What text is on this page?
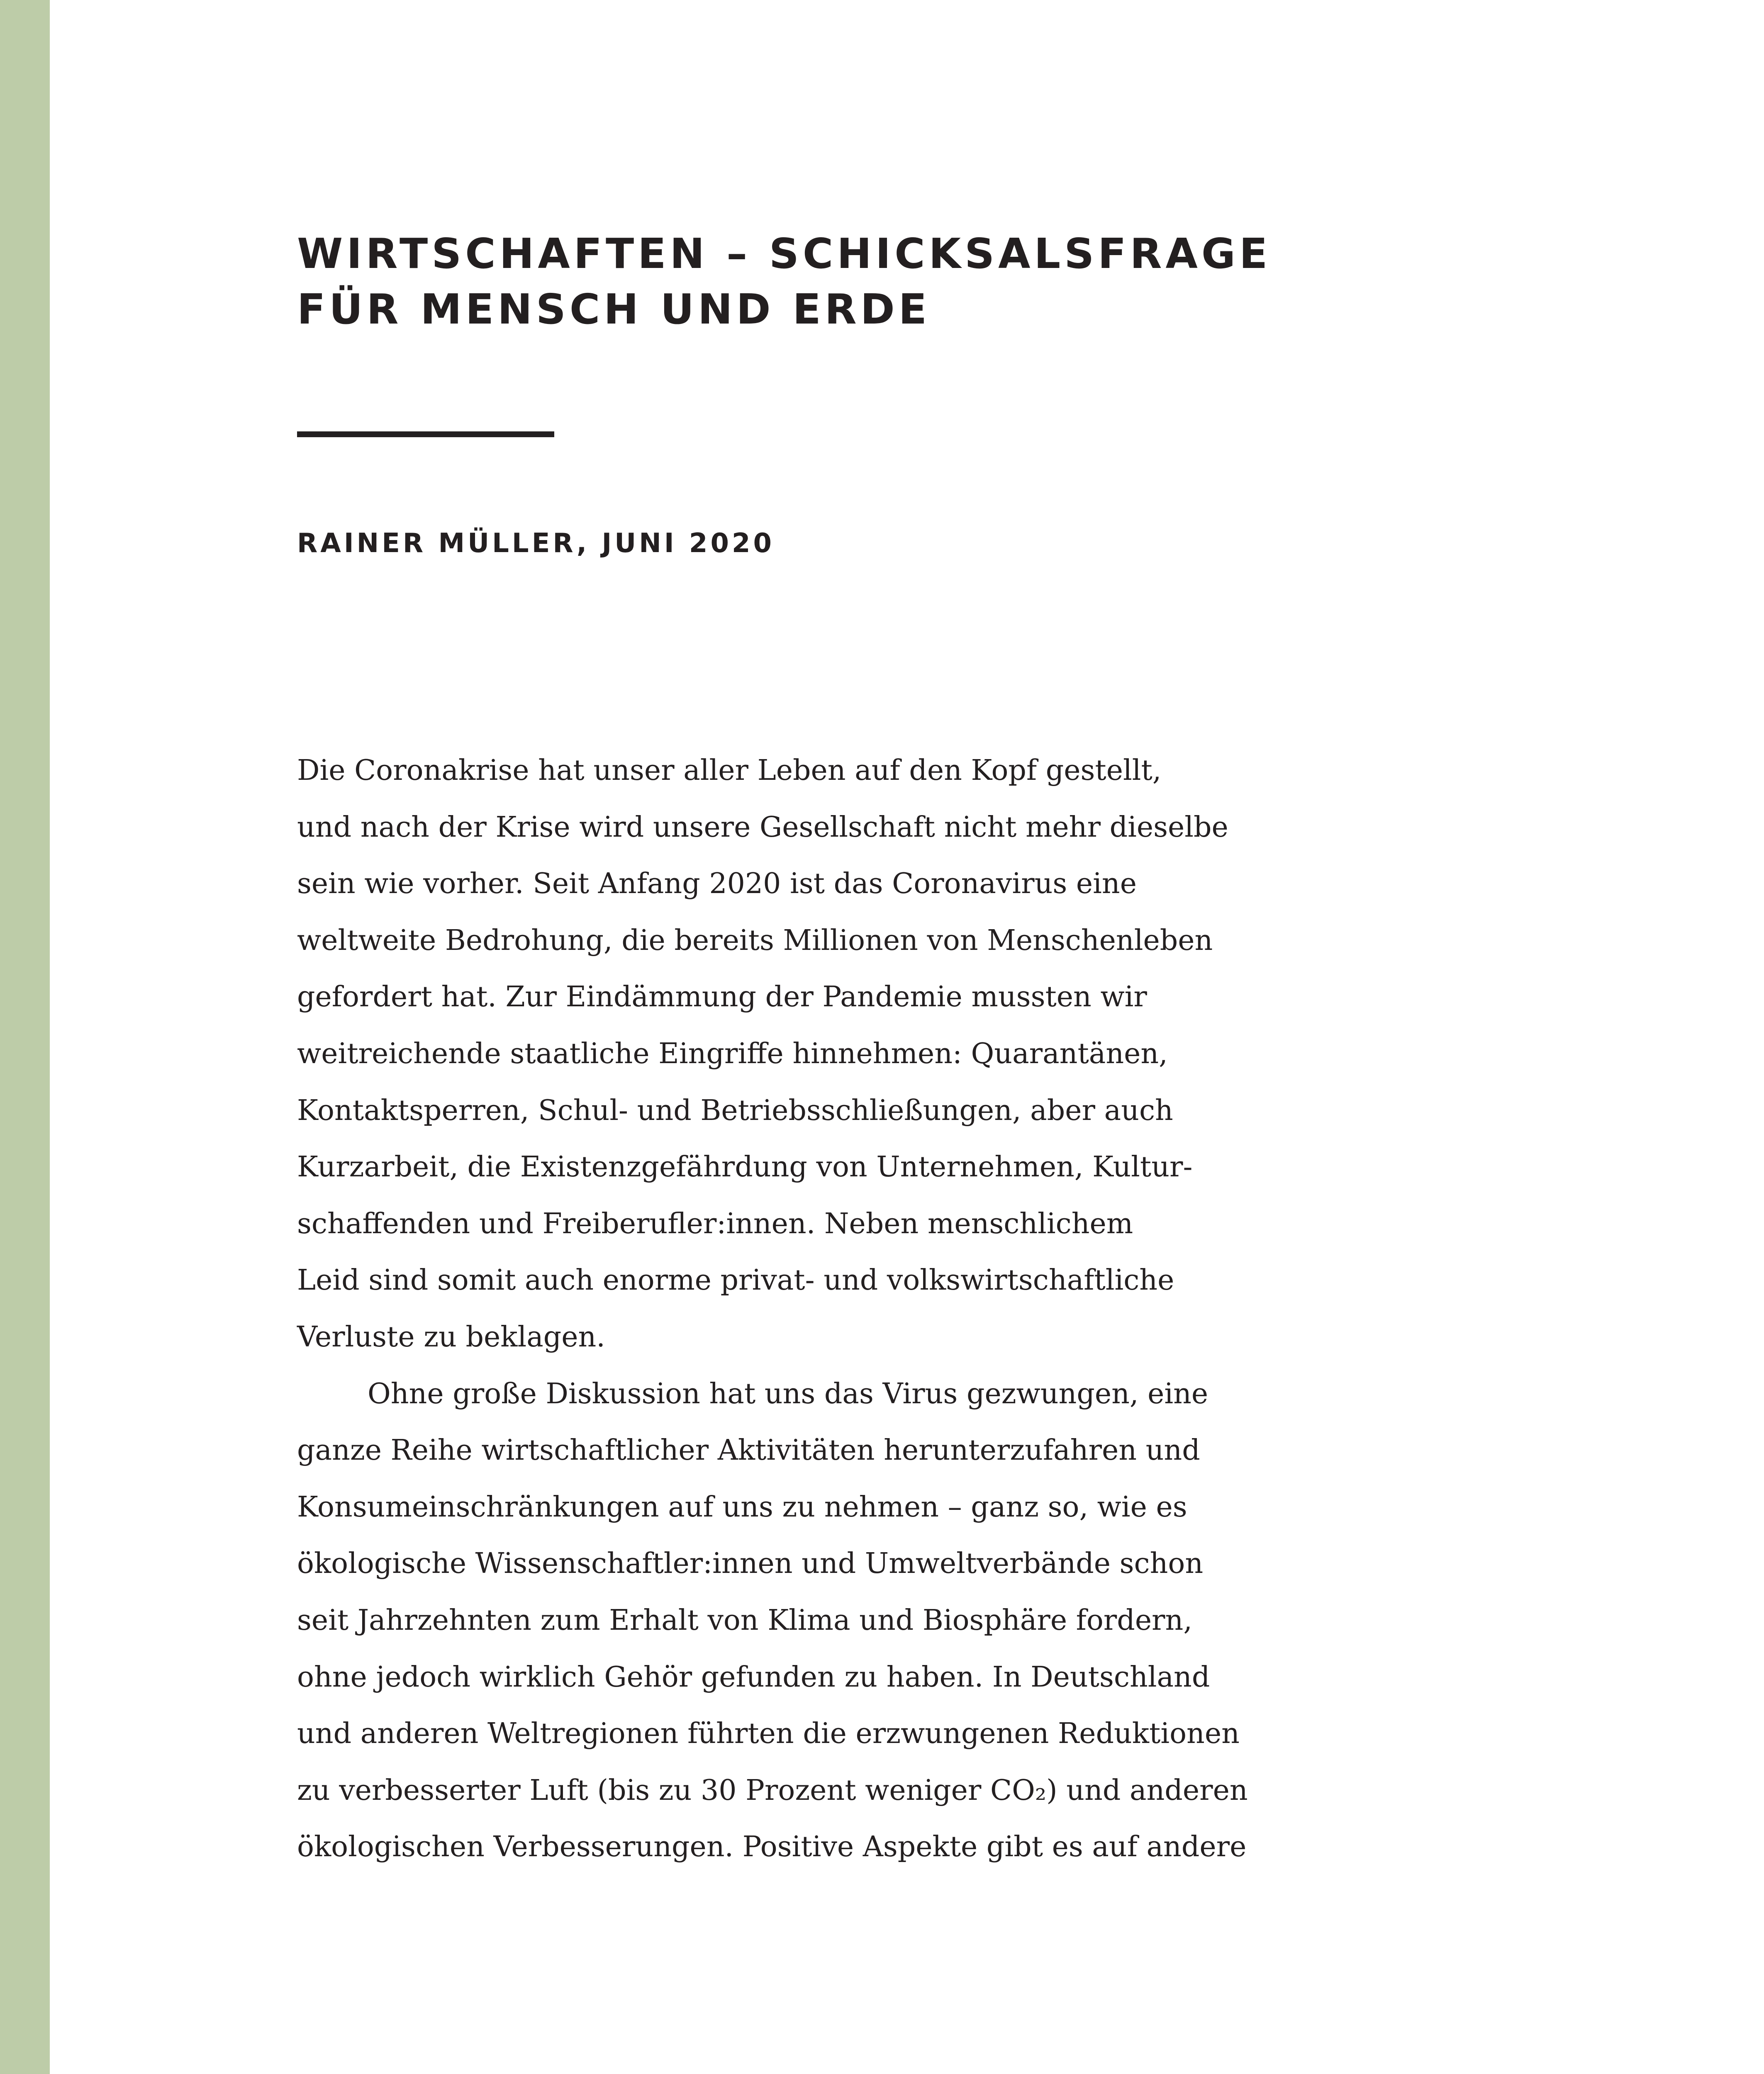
WIRTSCHAFTEN – SCHICKSALSFRAGE
FÜR MENSCH UND ERDE
RAINER MÜLLER, JUNI 2020

Die Coronakrise hat unser aller Leben auf den Kopf gestellt,
und nach der Krise wird unsere Gesellschaft nicht mehr dieselbe
sein wie vorher. Seit Anfang 2020 ist das Coronavirus eine
weltweite Bedrohung, die bereits Millionen von Menschenleben
gefordert hat. Zur Eindämmung der Pandemie mussten wir
weitreichende staatliche Eingriffe hinnehmen: Quarantänen,
Kontaktsperren, Schul- und Betriebsschließungen, aber auch
Kurzarbeit, die Existenzgefährdung von Unternehmen, Kultur-
schaffenden und Freiberufler:innen. Neben menschlichem
Leid sind somit auch enorme privat- und volkswirtschaftliche
Verluste zu beklagen.

Ohne große Diskussion hat uns das Virus gezwungen, eine
ganze Reihe wirtschaftlicher Aktivitäten herunterzufahren und
Konsumeinschränkungen auf uns zu nehmen – ganz so, wie es
ökologische Wissenschaftler:innen und Umweltverbände schon
seit Jahrzehnten zum Erhalt von Klima und Biosphäre fordern,
ohne jedoch wirklich Gehör gefunden zu haben. In Deutschland
und anderen Weltregionen führten die erzwungenen Reduktionen
zu verbesserter Luft (bis zu 30 Prozent weniger CO₂) und anderen
ökologischen Verbesserungen. Positive Aspekte gibt es auf andere
